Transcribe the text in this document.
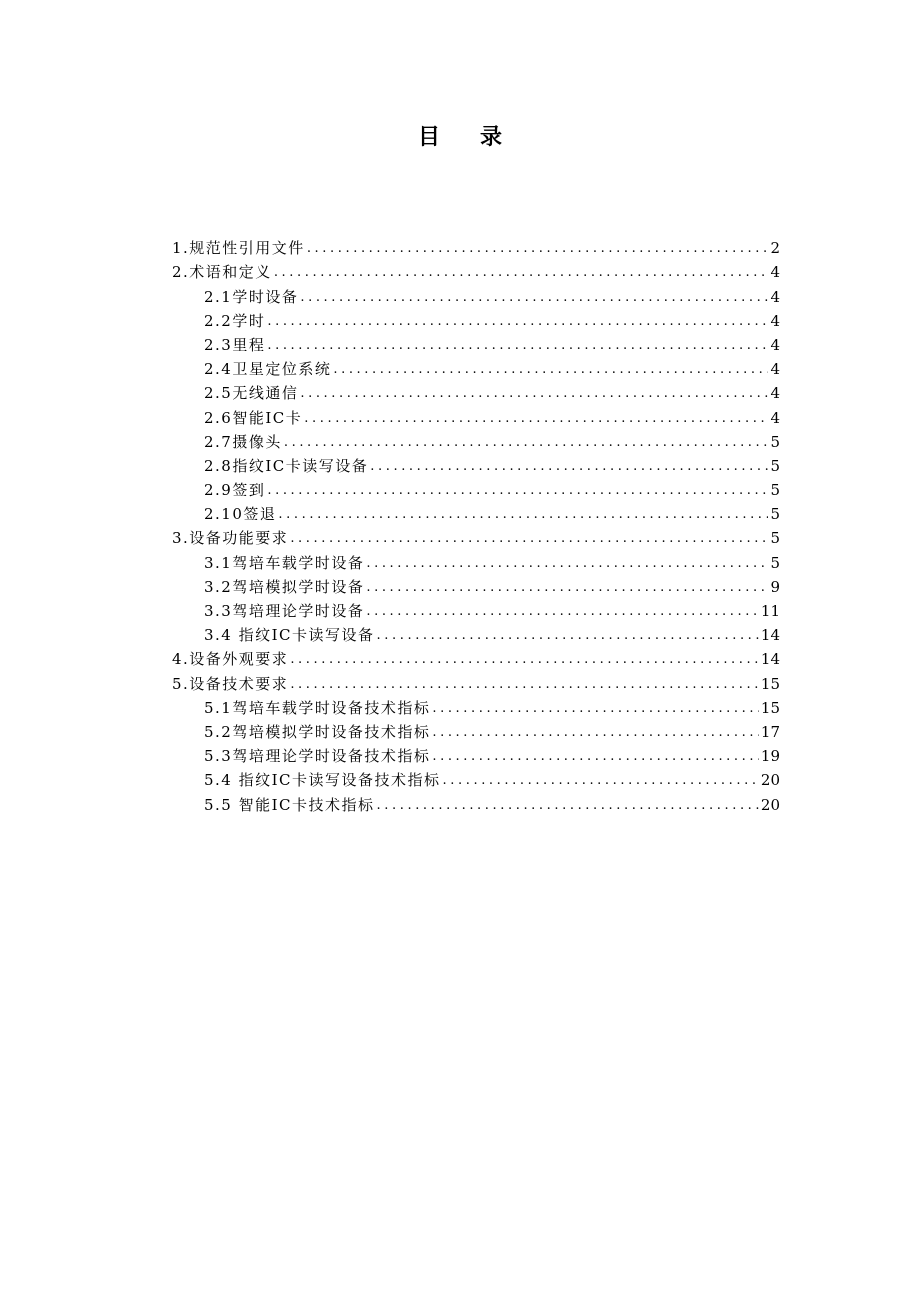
目 录
1.规范性引用文件 .....	2
2.术语和定义 .....	4
2.1学时设备 .....	4
2.2学时 .....	4
2.3里程 .....	4
2.4卫星定位系统 .....	4
2.5无线通信 .....	4
2.6智能IC卡 .....	4
2.7摄像头 .....	5
2.8指纹IC卡读写设备 .....	5
2.9签到 .....	5
2.10签退 .....	5
3.设备功能要求 .....	5
3.1驾培车载学时设备 .....	5
3.2驾培模拟学时设备 .....	9
3.3驾培理论学时设备 .....	11
3.4 指纹IC卡读写设备 .....	14
4.设备外观要求 .....	14
5.设备技术要求 .....	15
5.1驾培车载学时设备技术指标 .....	15
5.2驾培模拟学时设备技术指标 .....	17
5.3驾培理论学时设备技术指标 .....	19
5.4 指纹IC卡读写设备技术指标 .....	20
5.5 智能IC卡技术指标 .....	20
